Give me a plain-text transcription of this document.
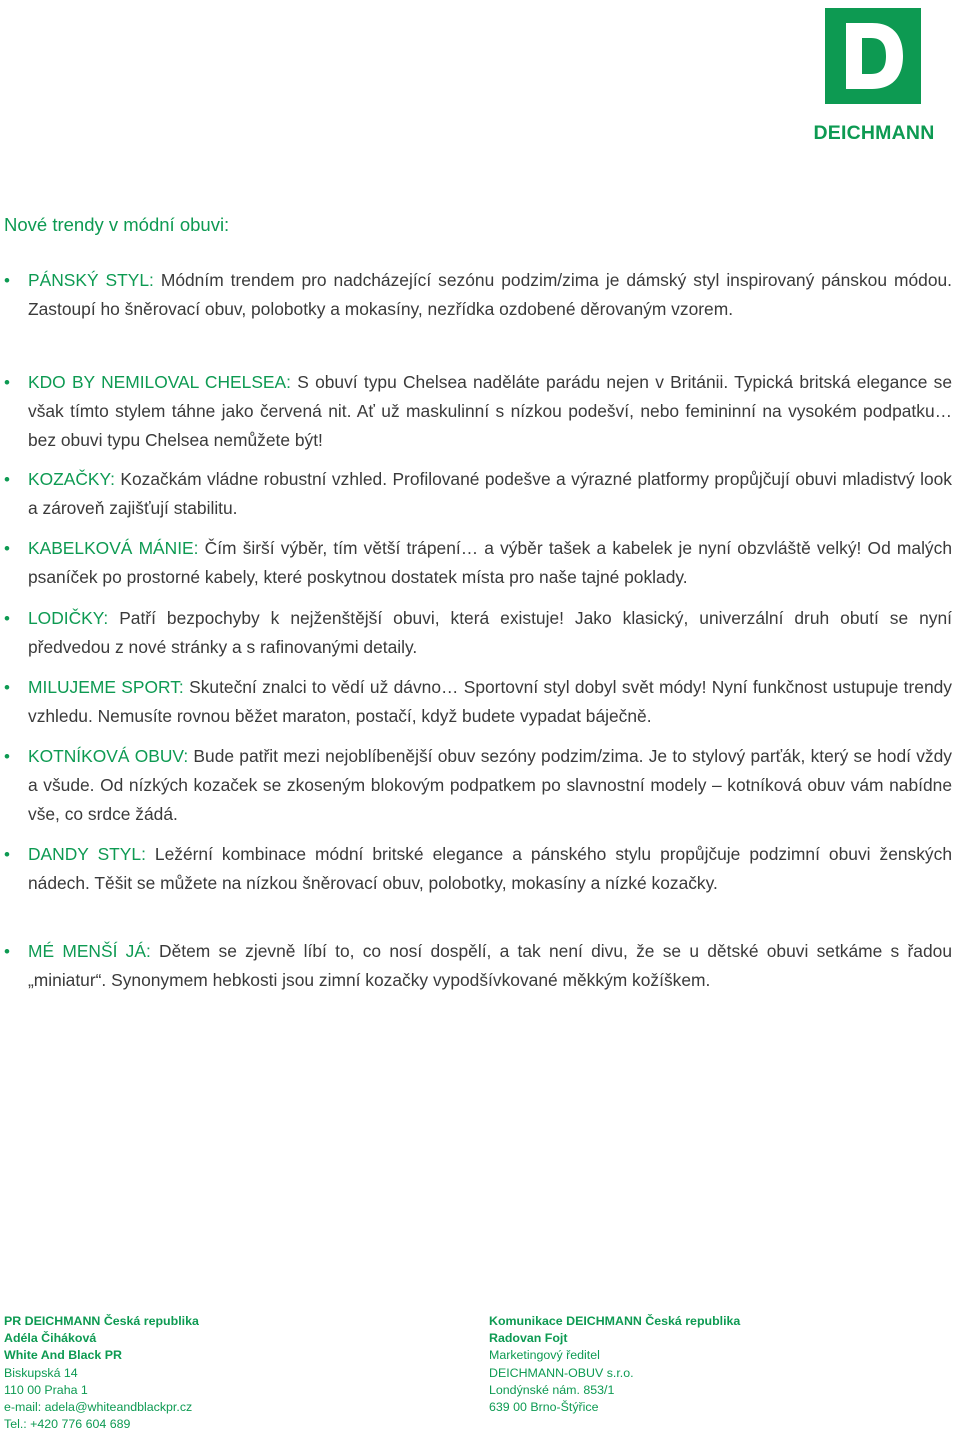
DEICHMANN
Nové trendy v módní obuvi:
• PÁNSKÝ STYL: Módním trendem pro nadcházející sezónu podzim/zima je dámský styl inspirovaný pánskou módou. Zastoupí ho šněrovací obuv, polobotky a mokasíny, nezřídka ozdobené děrovaným vzorem.
• KDO BY NEMILOVAL CHELSEA: S obuví typu Chelsea naděláte parádu nejen v Británii. Typická britská elegance se však tímto stylem táhne jako červená nit. Ať už maskulinní s nízkou podešví, nebo femininní na vysokém podpatku… bez obuvi typu Chelsea nemůžete být!
• KOZAČKY: Kozačkám vládne robustní vzhled. Profilované podešve a výrazné platformy propůjčují obuvi mladistvý look a zároveň zajišťují stabilitu.
• KABELKOVÁ MÁNIE: Čím širší výběr, tím větší trápení… a výběr tašek a kabelek je nyní obzvláště velký! Od malých psaníček po prostorné kabely, které poskytnou dostatek místa pro naše tajné poklady.
• LODIČKY: Patří bezpochyby k nejženštější obuvi, která existuje! Jako klasický, univerzální druh obutí se nyní předvedou z nové stránky a s rafinovanými detaily.
• MILUJEME SPORT: Skuteční znalci to vědí už dávno… Sportovní styl dobyl svět módy! Nyní funkčnost ustupuje trendy vzhledu. Nemusíte rovnou běžet maraton, postačí, když budete vypadat báječně.
• KOTNÍKOVÁ OBUV: Bude patřit mezi nejoblíbenější obuv sezóny podzim/zima. Je to stylový parťák, který se hodí vždy a všude. Od nízkých kozaček se zkoseným blokovým podpatkem po slavnostní modely – kotníková obuv vám nabídne vše, co srdce žádá.
• DANDY STYL: Ležérní kombinace módní britské elegance a pánského stylu propůjčuje podzimní obuvi ženských nádech. Těšit se můžete na nízkou šněrovací obuv, polobotky, mokasíny a nízké kozačky.
• MÉ MENŠÍ JÁ: Dětem se zjevně líbí to, co nosí dospělí, a tak není divu, že se u dětské obuvi setkáme s řadou „miniatur“. Synonymem hebkosti jsou zimní kozačky vypodšívkované měkkým kožíškem.
PR DEICHMANN Česká republika
Adéla Čiháková
White And Black PR
Biskupská 14
110 00 Praha 1
e-mail: adela@whiteandblackpr.cz
Tel.: +420 776 604 689
Komunikace DEICHMANN Česká republika
Radovan Fojt
Marketingový ředitel
DEICHMANN-OBUV s.r.o.
Londýnské nám. 853/1
639 00 Brno-Štýřice
